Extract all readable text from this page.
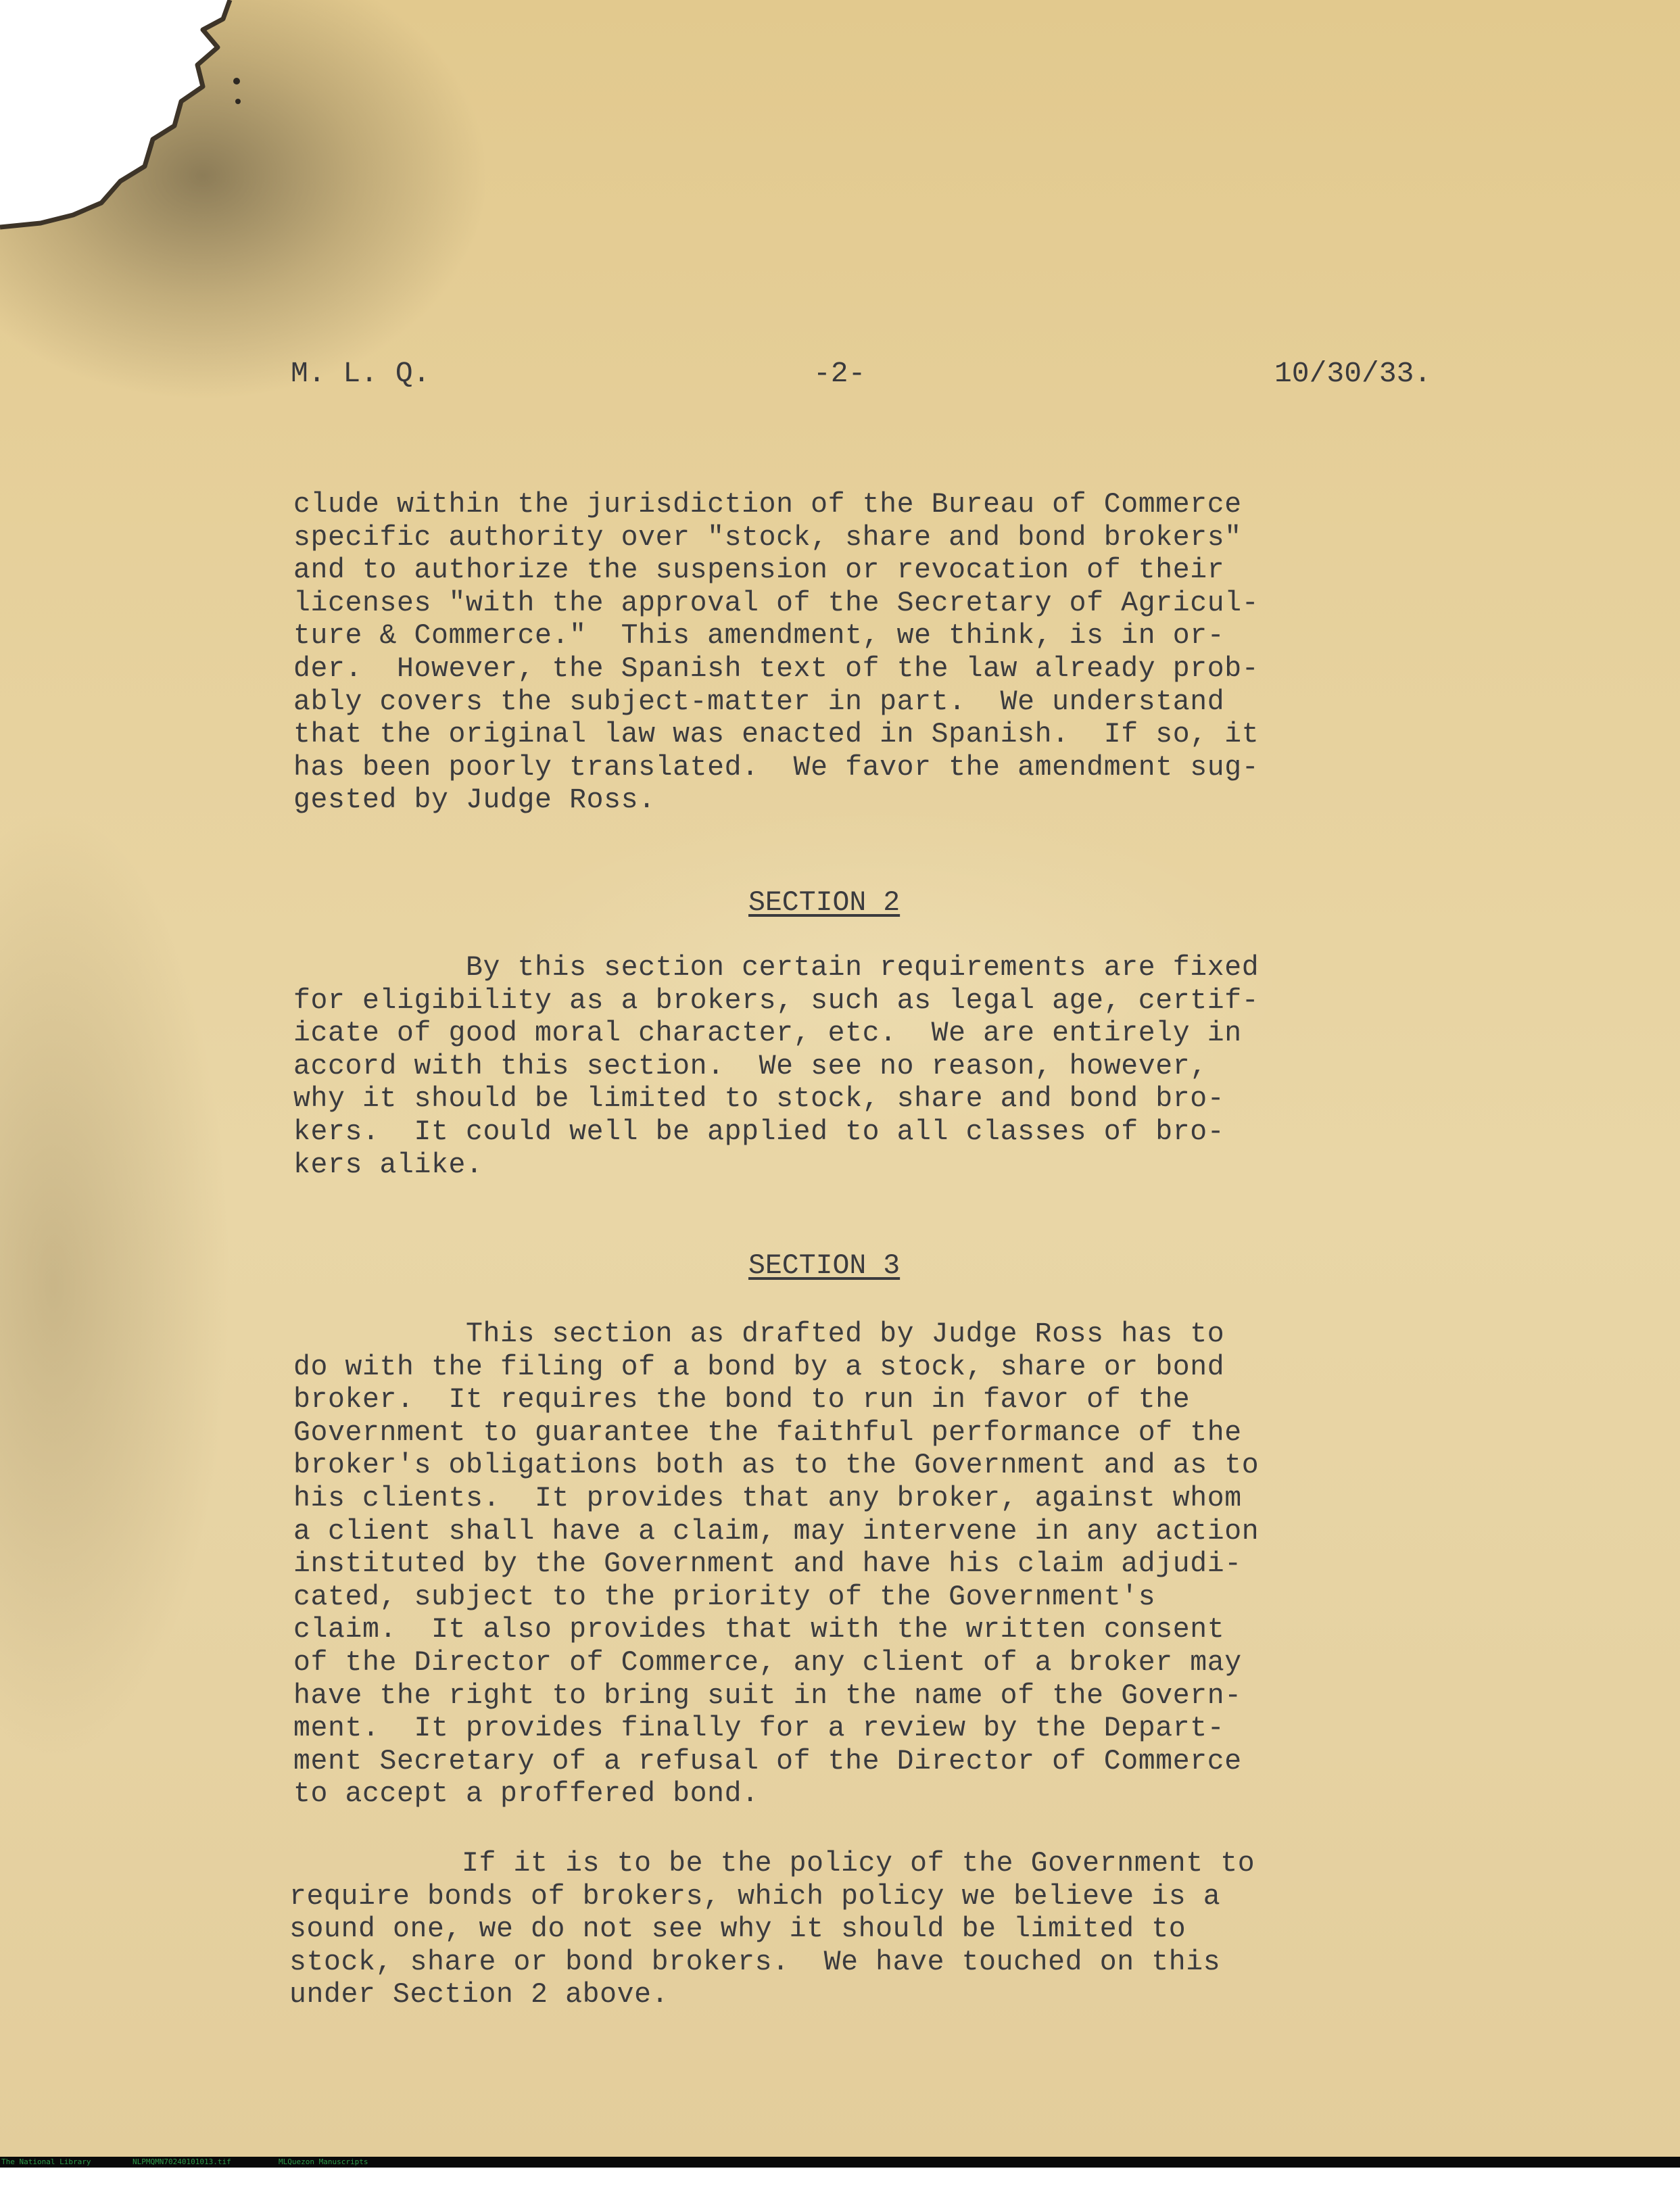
M. L. Q.	-2-	10/30/33.
clude within the jurisdiction of the Bureau of Commerce
specific authority over "stock, share and bond brokers"
and to authorize the suspension or revocation of their
licenses "with the approval of the Secretary of Agricul-
ture & Commerce."  This amendment, we think, is in or-
der.  However, the Spanish text of the law already prob-
ably covers the subject-matter in part.  We understand
that the original law was enacted in Spanish.  If so, it
has been poorly translated.  We favor the amendment sug-
gested by Judge Ross.
SECTION 2
By this section certain requirements are fixed
for eligibility as a brokers, such as legal age, certif-
icate of good moral character, etc.  We are entirely in
accord with this section.  We see no reason, however,
why it should be limited to stock, share and bond bro-
kers.  It could well be applied to all classes of bro-
kers alike.
SECTION 3
This section as drafted by Judge Ross has to
do with the filing of a bond by a stock, share or bond
broker.  It requires the bond to run in favor of the
Government to guarantee the faithful performance of the
broker's obligations both as to the Government and as to
his clients.  It provides that any broker, against whom
a client shall have a claim, may intervene in any action
instituted by the Government and have his claim adjudi-
cated, subject to the priority of the Government's
claim.  It also provides that with the written consent
of the Director of Commerce, any client of a broker may
have the right to bring suit in the name of the Govern-
ment.  It provides finally for a review by the Depart-
ment Secretary of a refusal of the Director of Commerce
to accept a proffered bond.
If it is to be the policy of the Government to
require bonds of brokers, which policy we believe is a
sound one, we do not see why it should be limited to
stock, share or bond brokers.  We have touched on this
under Section 2 above.

The National Library

	NLPMQMN70240101013.tif

	MLQuezon Manuscripts
